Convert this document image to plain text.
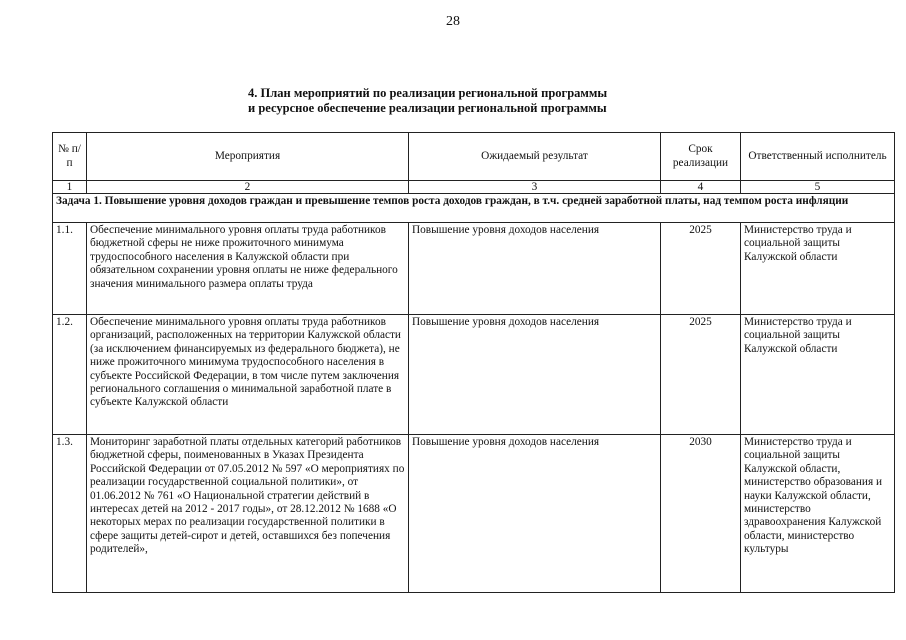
28
4. План мероприятий по реализации региональной программы
и ресурсное обеспечение реализации региональной программы
№ п/п	Мероприятия	Ожидаемый результат	Срок реализации	Ответственный исполнитель
1	2	3	4	5
Задача 1. Повышение уровня доходов граждан и превышение темпов роста доходов граждан, в т.ч. средней заработной платы, над темпом роста инфляции				
1.1.	Обеспечение минимального уровня оплаты труда работников бюджетной сферы не ниже прожиточного минимума трудоспособного населения в Калужской области при обязательном сохранении уровня оплаты не ниже федерального значения минимального размера оплаты труда	Повышение уровня доходов населения	2025	Министерство труда и социальной защиты Калужской области
1.2.	Обеспечение минимального уровня оплаты труда работников организаций, расположенных на территории Калужской области (за исключением финансируемых из федерального бюджета), не ниже прожиточного минимума трудоспособного населения в субъекте Российской Федерации, в том числе путем заключения регионального соглашения о минимальной заработной плате в субъекте Калужской области	Повышение уровня доходов населения	2025	Министерство труда и социальной защиты Калужской области
1.3.	Мониторинг заработной платы отдельных категорий работников бюджетной сферы, поименованных в Указах Президента Российской Федерации от 07.05.2012 № 597 «О мероприятиях по реализации государственной социальной политики», от 01.06.2012 № 761 «О Национальной стратегии действий в интересах детей на 2012 - 2017 годы», от 28.12.2012 № 1688 «О некоторых мерах по реализации государственной политики в сфере защиты детей-сирот и детей, оставшихся без попечения родителей»,	Повышение уровня доходов населения	2030	Министерство труда и социальной защиты Калужской области, министерство образования и науки Калужской области, министерство здравоохранения Калужской области, министерство культуры
